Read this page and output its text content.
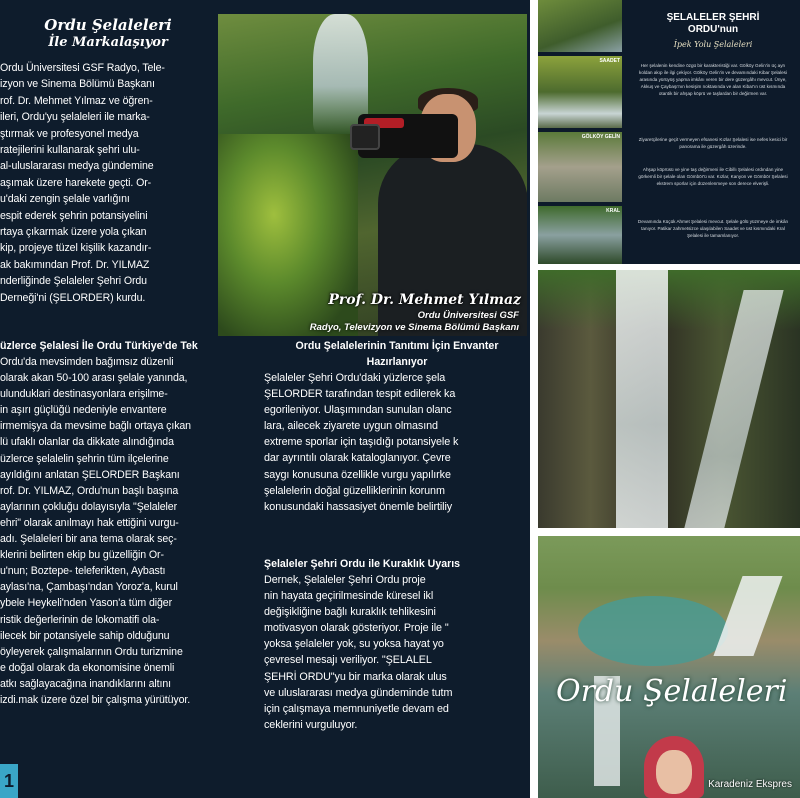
Ordu Şelaleleri
İle Markalaşıyor
Ordu Üniversitesi GSF Radyo, Tele-
izyon ve Sinema Bölümü Başkanı
rof. Dr. Mehmet Yılmaz ve öğren-
ileri, Ordu'yu şelaleleri ile marka-
ştırmak ve profesyonel medya
ratejilerini kullanarak şehri ulu-
al-uluslararası medya gündemine
aşımak üzere harekete geçti. Or-
u'daki zengin şelale varlığını
espit ederek şehrin potansiyelini
rtaya çıkarmak üzere yola çıkan
kip, projeye tüzel kişilik kazandır-
ak bakımından Prof. Dr. YILMAZ
nderliğinde Şelaleler Şehri Ordu
Derneği'ni (ŞELORDER) kurdu.	Prof. Dr. Mehmet Yılmaz
Ordu Üniversitesi GSF
Radyo, Televizyon ve Sinema Bölümü Başkanı
üzlerce Şelalesi İle Ordu Türkiye'de Tek
Ordu'da mevsimden bağımsız düzenli
olarak akan 50-100 arası şelale yanında,
ulunduklari destinasyonlara erişilme-
in aşırı güçlüğü nedeniyle envantere
irmemişya da mevsime bağlı ortaya çıkan
lü ufaklı olanlar da dikkate alındığında
üzlerce şelalelin şehrin tüm ilçelerine
ayıldığını anlatan ŞELORDER Başkanı
rof. Dr. YILMAZ, Ordu'nun başlı başına
aylarının çokluğu dolayısıyla "Şelaleler
ehri" olarak anılmayı hak ettiğini vurgu-
adı. Şelaleleri bir ana tema olarak seç-
klerini belirten ekip bu güzelliğin Or-
u'nun; Boztepe- teleferikten, Aybastı
aylası'na, Çambaşı'ndan Yoroz'a, kurul
ybele Heykeli'nden Yason'a tüm diğer
ristik değerlerinin de lokomatifi ola-
ilecek bir potansiyele sahip olduğunu
öyleyerek çalışmalarının Ordu turizmine
e doğal olarak da ekonomisine önemli
atkı sağlayacağına inandıklarını altını
izdi.mak üzere özel bir çalışma yürütüyor.
Ordu Şelalelerinin Tanıtımı İçin Envanter
Hazırlanıyor
Şelaleler Şehri Ordu'daki yüzlerce şela
ŞELORDER tarafından tespit edilerek ka
egorileniyor. Ulaşımından sunulan olanc
lara, ailecek ziyarete uygun olmasınd
extreme sporlar için taşıdığı potansiyele k
dar ayrıntılı olarak kataloglanıyor. Çevre
saygı konusuna özellikle vurgu yapılırke
şelalelerin doğal güzelliklerinin korunm
konusundaki hassasiyet önemle belirtiliy
Şelaleler Şehri Ordu ile Kuraklık Uyarıs
Dernek, Şelaleler Şehri Ordu proje
nin hayata geçirilmesinde küresel ikl
değişikliğine bağlı kuraklık tehlikesini
motivasyon olarak gösteriyor. Proje ile "
yoksa şelaleler yok, su yoksa hayat yo
çevresel mesajı veriliyor. "ŞELALEL
ŞEHRİ ORDU"yu bir marka olarak ulus
ve uluslararası medya gündeminde tutm
için çalışmaya memnuniyetle devam ed
ceklerini vurguluyor.
1
SAADET
GÖLKÖY GELİN
KRAL
ŞELALELER ŞEHRİ
ORDU'nun
İpek Yolu Şelaleleri
Her şelalenin kendine özgü bir karakteristiği var. Gölköy Gelin'in üç ayrı koldan akıp ile ilgi çekiyor. Gölköy Gelin'in ve devamındaki Kibar Şelalesi arasında yürüyüş yapma imkânı veren bir dere güzergâhı mevcut. Ünye, Akkuş ve Çaybaşı'nın kesişim noktasında ve alan Kibar'ın üst kısmında otantik bir ahşap köprü ve taşlardan bir değirmen var.
Ziyaretçilerine geçit vermeyen efsanesi Kızlar Şelalesi ise nefes kesici bir panorama ile güzergâh üzerinde.
Ahşap köprüsü ve yine taş değirmeni ile Cibillı Şelalesi ordından yine görkemli bir şelale olan Gömbör'ü var. Kızlar, Kanyon ve Gömbör Şelalesi ekstrem sporlar için düzenlenmeye son derece elverişli.
Devamında Küçük Ahmet Şelalesi mevcut. Şelale gölü yüzmeye de imkân tanıyor. Patikar zahmetsizce ulaşılabilen Saadet ve üst kısmındaki Kral Şelalesi ile tamamlanıyor.
Ordu Şelaleleri
Karadeniz Ekspres
